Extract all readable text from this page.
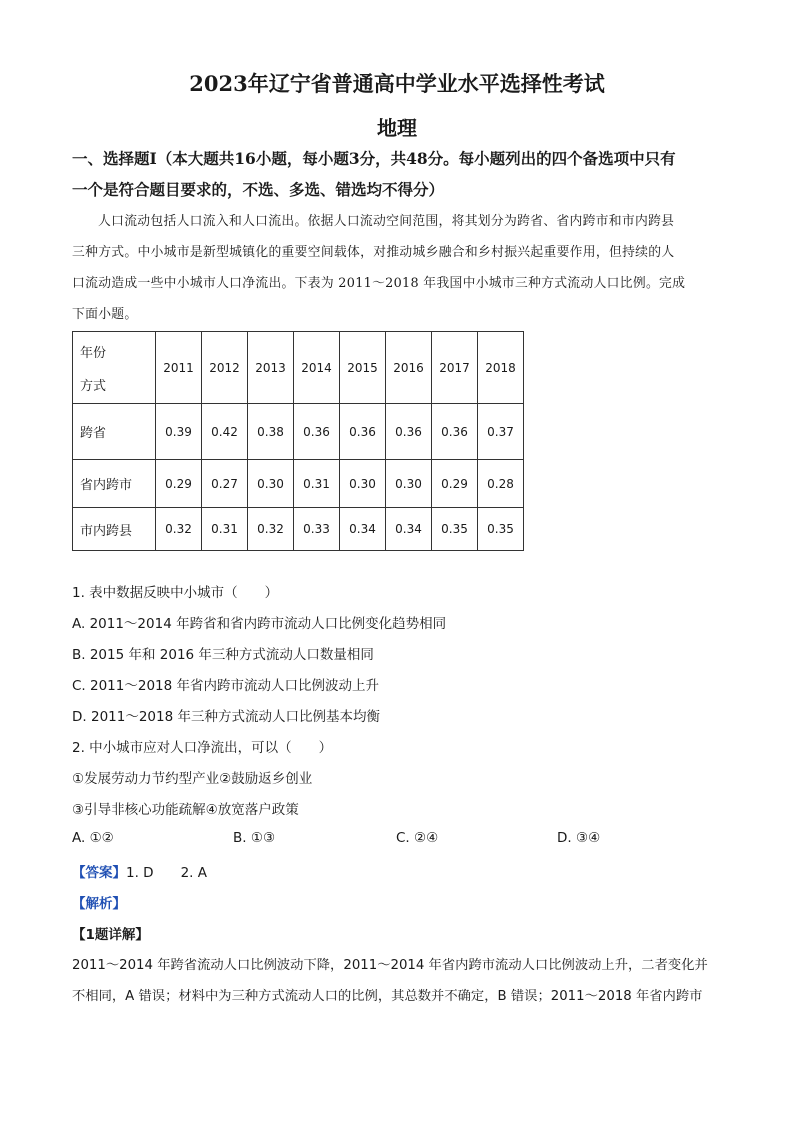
2023年辽宁省普通高中学业水平选择性考试
地理
一、选择题Ⅰ（本大题共16小题，每小题3分，共48分。每小题列出的四个备选项中只有
一个是符合题目要求的，不选、多选、错选均不得分）
人口流动包括人口流入和人口流出。依据人口流动空间范围，将其划分为跨省、省内跨市和市内跨县
三种方式。中小城市是新型城镇化的重要空间载体，对推动城乡融合和乡村振兴起重要作用，但持续的人
口流动造成一些中小城市人口净流出。下表为 2011～2018 年我国中小城市三种方式流动人口比例。完成
下面小题。
年份
方式	2011	2012	2013	2014	2015	2016	2017	2018
跨省	0.39	0.42	0.38	0.36	0.36	0.36	0.36	0.37
省内跨市	0.29	0.27	0.30	0.31	0.30	0.30	0.29	0.28
市内跨县	0.32	0.31	0.32	0.33	0.34	0.34	0.35	0.35
1. 表中数据反映中小城市（　　）
A. 2011～2014 年跨省和省内跨市流动人口比例变化趋势相同
B. 2015 年和 2016 年三种方式流动人口数量相同
C. 2011～2018 年省内跨市流动人口比例波动上升
D. 2011～2018 年三种方式流动人口比例基本均衡
2. 中小城市应对人口净流出，可以（　　）
①发展劳动力节约型产业②鼓励返乡创业
③引导非核心功能疏解④放宽落户政策
A. ①②	B. ①③	C. ②④	D. ③④
【答案】1. D　　2. A
【解析】
【1题详解】
2011～2014 年跨省流动人口比例波动下降，2011～2014 年省内跨市流动人口比例波动上升，二者变化并
不相同，A 错误；材料中为三种方式流动人口的比例，其总数并不确定，B 错误；2011～2018 年省内跨市
